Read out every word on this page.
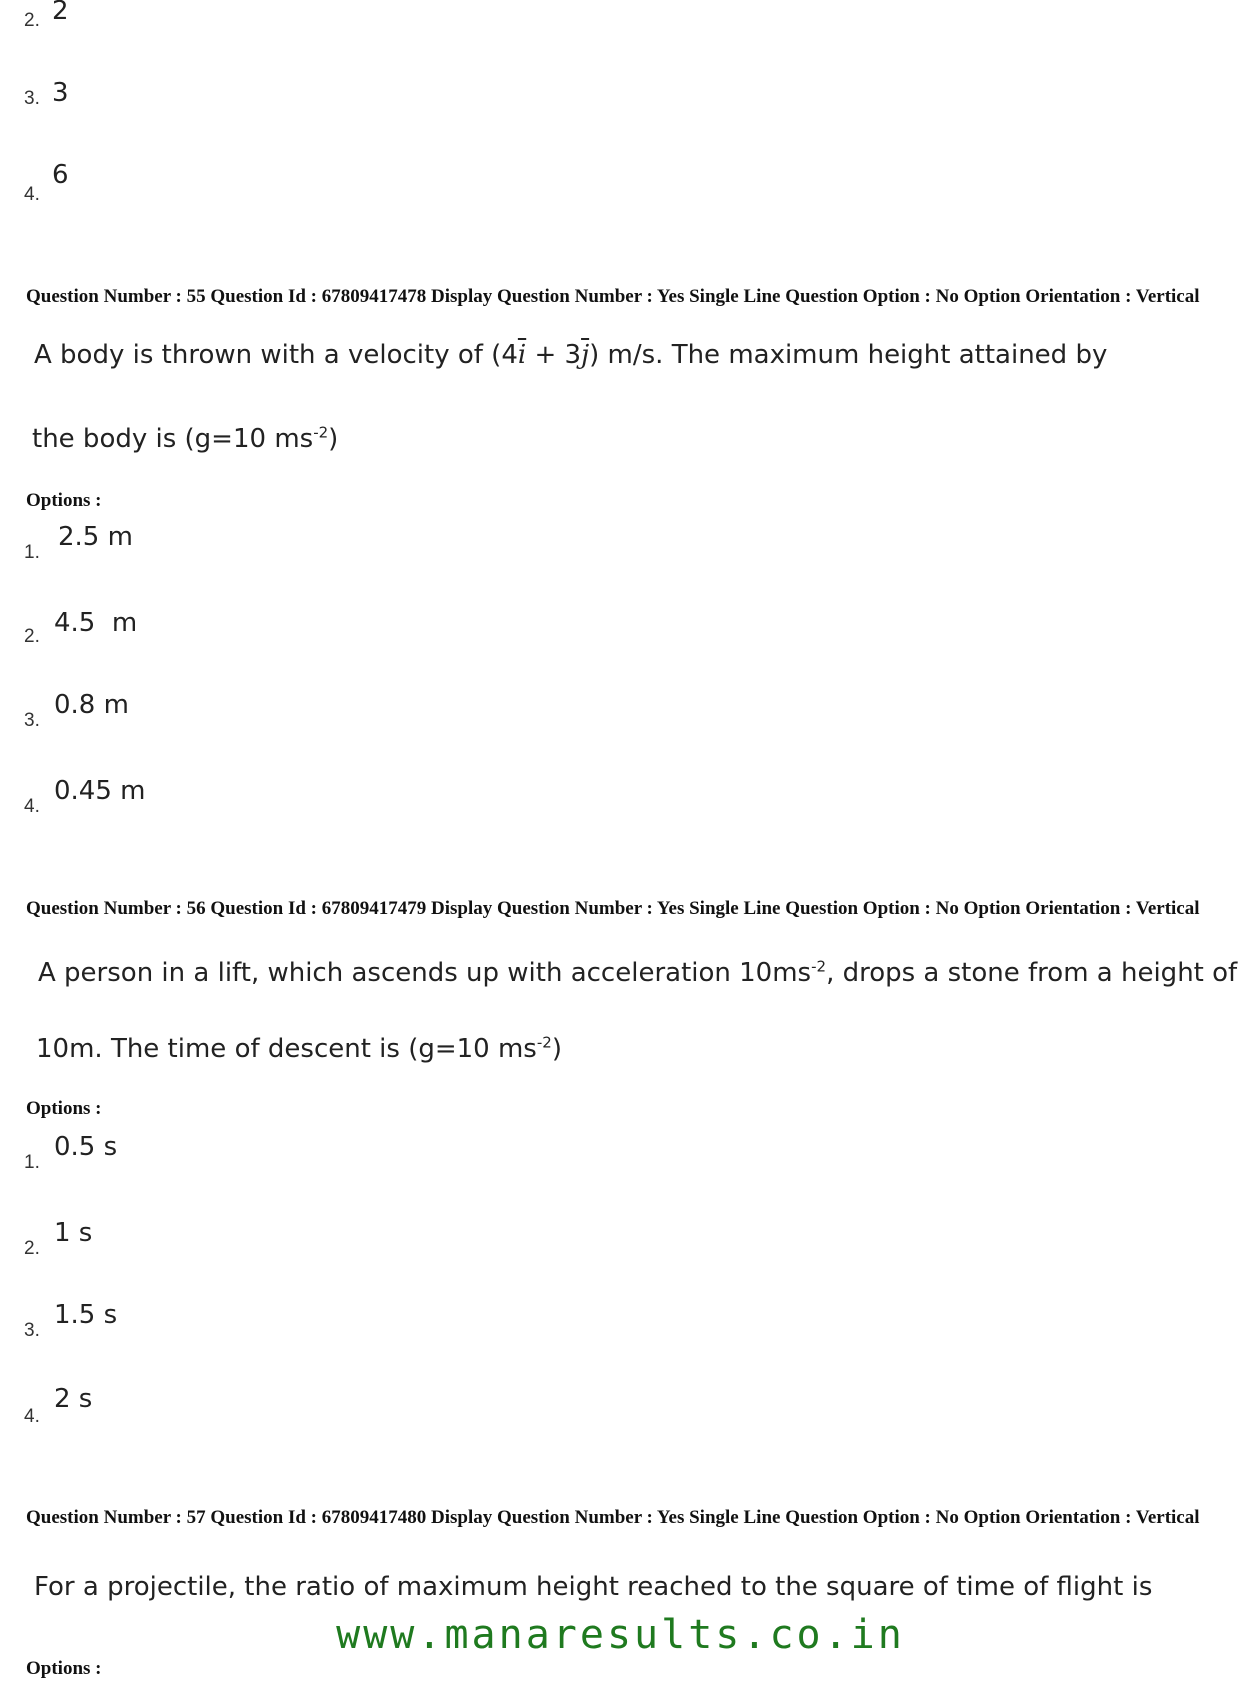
2. 2
3. 3
4.
6
Question Number : 55 Question Id : 67809417478 Display Question Number : Yes Single Line Question Option : No Option Orientation : Vertical
A body is thrown with a velocity of $(4\overline{i} + 3\overline{j})$ m/s. The maximum height attained by
the body is (g=10 $ms^{-2}$)
Options :
1.
2.5 m
2. 4.5  m
3.
0.8 m
4.
0.45 m
Question Number : 56 Question Id : 67809417479 Display Question Number : Yes Single Line Question Option : No Option Orientation : Vertical
A person in a lift, which ascends up with acceleration $10ms^{-2}$, drops a stone from a height of
10m. The time of descent is (g=10 $ms^{-2}$)
Options :
1.
0.5 s
2.
1 s
3.
1.5 s
4.
2 s
Question Number : 57 Question Id : 67809417480 Display Question Number : Yes Single Line Question Option : No Option Orientation : Vertical
For a projectile, the ratio of maximum height reached to the square of time of flight is
www.manaresults.co.in
Options :
